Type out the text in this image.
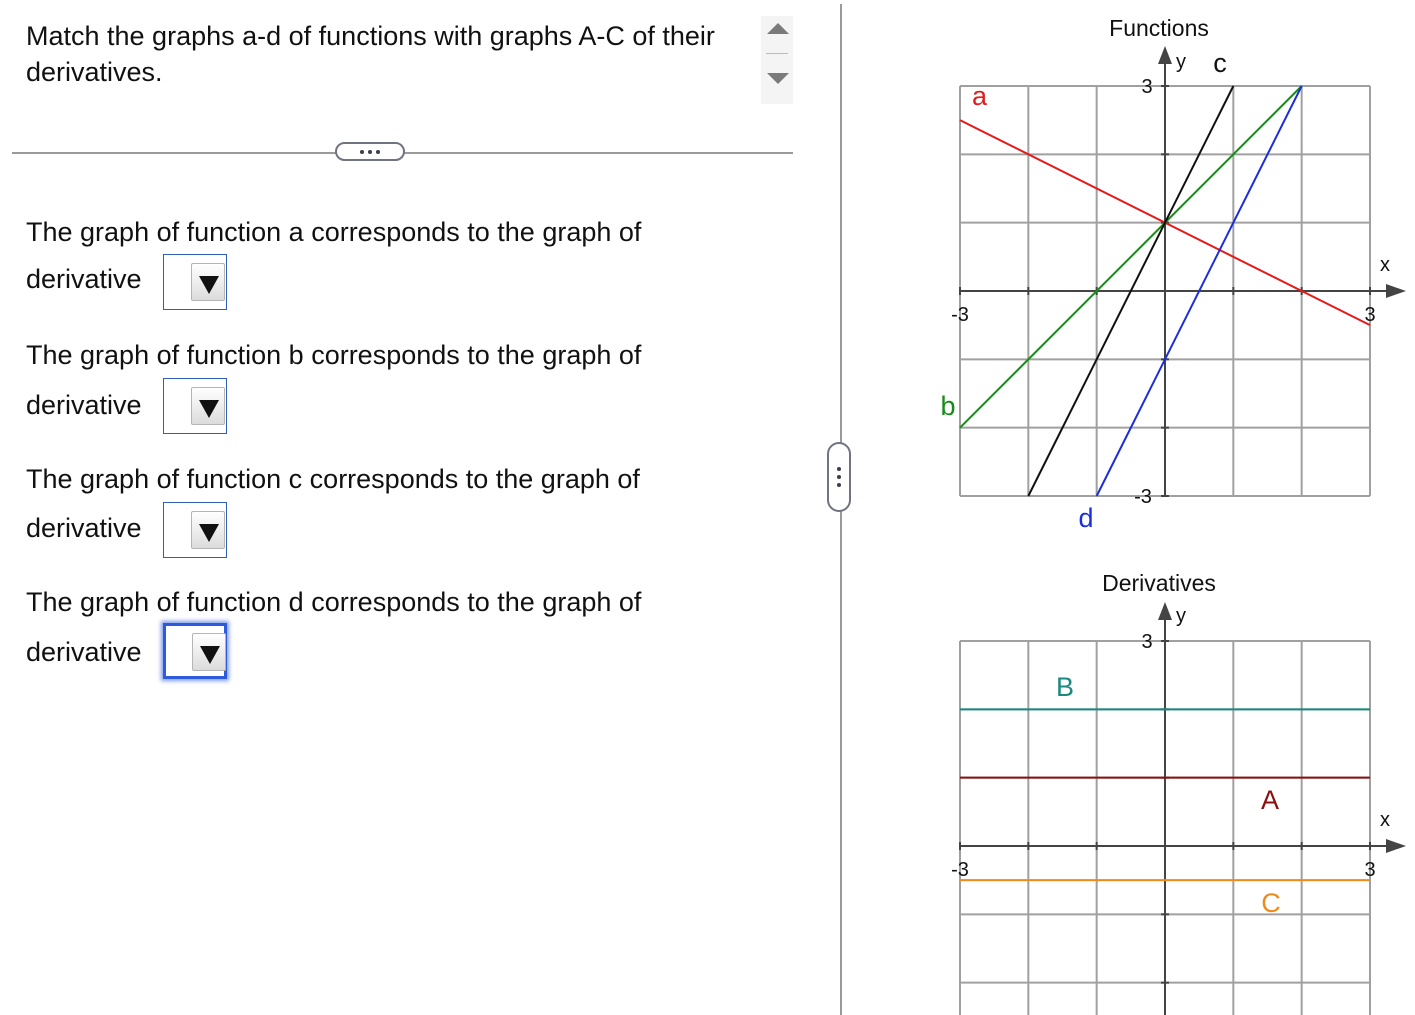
Match the graphs a-d of functions with graphs A-C of their derivatives.
The graph of function a corresponds to the graph of
derivative
The graph of function b corresponds to the graph of
derivative
The graph of function c corresponds to the graph of
derivative
The graph of function d corresponds to the graph of
derivative
Functions
x
y
-3	3
3
-3
a
b
c
d
Derivatives
x
y
-3	3
3
A
B
C
